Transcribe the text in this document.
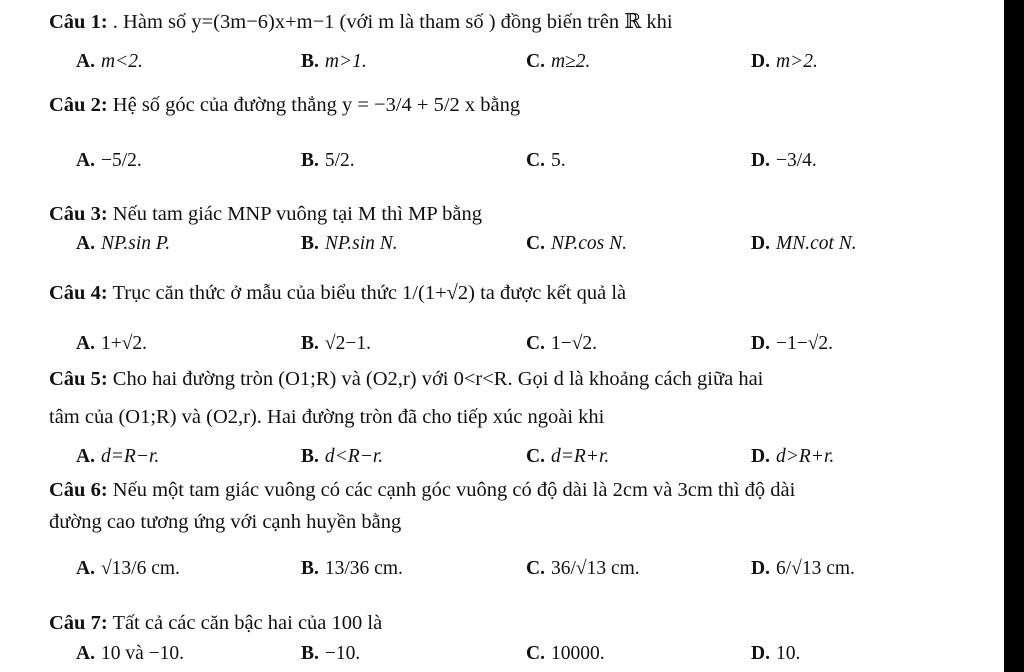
Câu 1: . Hàm số y=(3m−6)x+m−1 (với m là tham số ) đồng biến trên ℝ khi
A. m<2.	B. m>1.	C. m≥2.	D. m>2.
Câu 2: Hệ số góc của đường thẳng y = −3/4 + 5/2 x bằng
A. −5/2.	B. 5/2.	C. 5.	D. −3/4.
Câu 3: Nếu tam giác MNP vuông tại M thì MP bằng
A. NP.sin P.	B. NP.sin N.	C. NP.cos N.	D. MN.cot N.
Câu 4: Trục căn thức ở mẫu của biểu thức 1/(1+√2) ta được kết quả là
A. 1+√2.	B. √2−1.	C. 1−√2.	D. −1−√2.
Câu 5: Cho hai đường tròn (O1;R) và (O2,r) với 0<r<R. Gọi d là khoảng cách giữa hai
tâm của (O1;R) và (O2,r). Hai đường tròn đã cho tiếp xúc ngoài khi
A. d=R−r.	B. d<R−r.	C. d=R+r.	D. d>R+r.
Câu 6: Nếu một tam giác vuông có các cạnh góc vuông có độ dài là 2cm và 3cm thì độ dài
đường cao tương ứng với cạnh huyền bằng
A. √13/6 cm.	B. 13/36 cm.	C. 36/√13 cm.	D. 6/√13 cm.
Câu 7: Tất cả các căn bậc hai của 100 là
A. 10 và −10.	B. −10.	C. 10000.	D. 10.
